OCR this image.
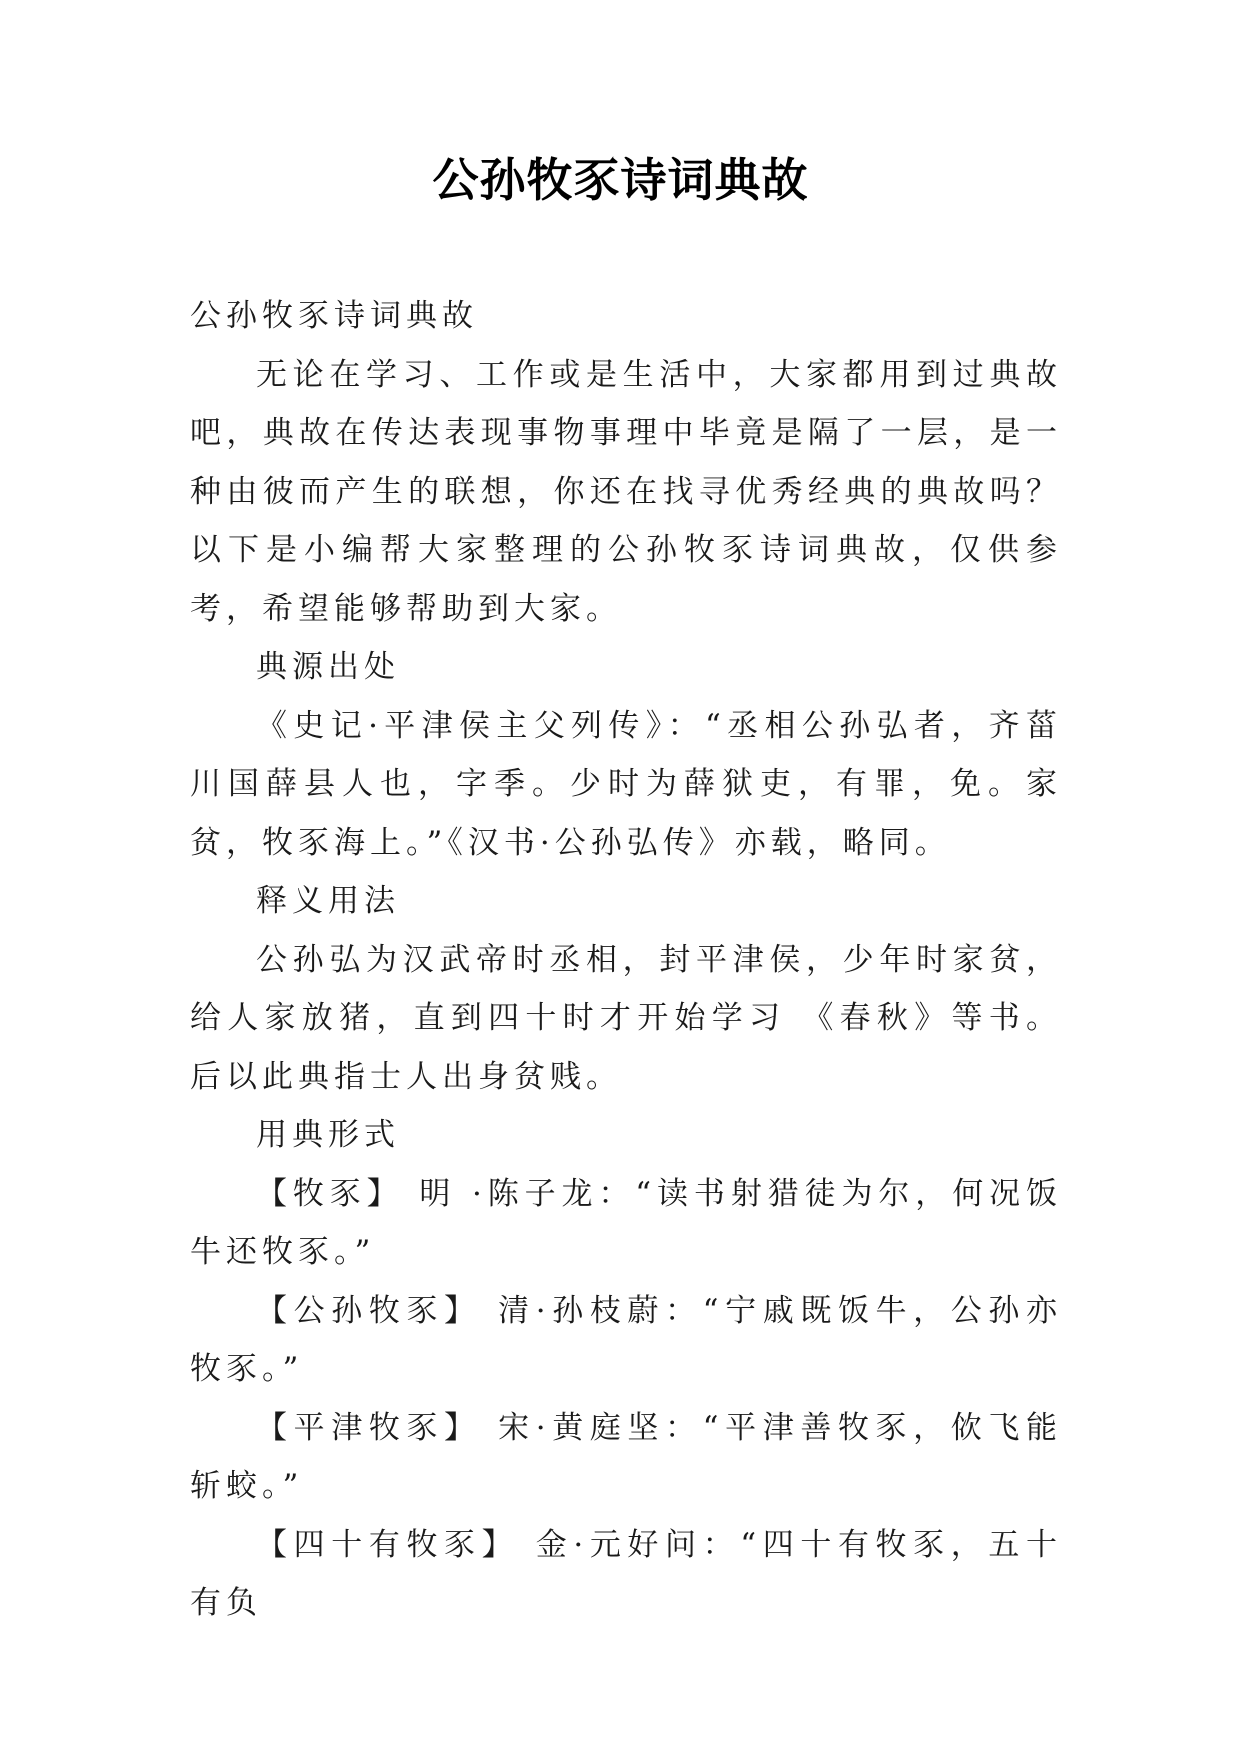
公孙牧豕诗词典故

公孙牧豕诗词典故

无论在学习、工作或是生活中，大家都用到过典故吧，典故在传达表现事物事理中毕竟是隔了一层，是一种由彼而产生的联想，你还在找寻优秀经典的典故吗？以下是小编帮大家整理的公孙牧豕诗词典故，仅供参考，希望能够帮助到大家。

典源出处

《史记·平津侯主父列传》：“丞相公孙弘者，齐菑川国薛县人也，字季。少时为薛狱吏，有罪，免。家贫，牧豕海上。”《汉书·公孙弘传》亦载，略同。

释义用法

公孙弘为汉武帝时丞相，封平津侯，少年时家贫，给人家放猪，直到四十时才开始学习 《春秋》等书。后以此典指士人出身贫贱。

用典形式

【牧豕】 明 ·陈子龙：“读书射猎徒为尔，何况饭牛还牧豕。”

【公孙牧豕】 清·孙枝蔚：“宁戚既饭牛，公孙亦牧豕。”

【平津牧豕】 宋·黄庭坚：“平津善牧豕，佽飞能斩蛟。”

【四十有牧豕】 金·元好问：“四十有牧豕，五十有负
